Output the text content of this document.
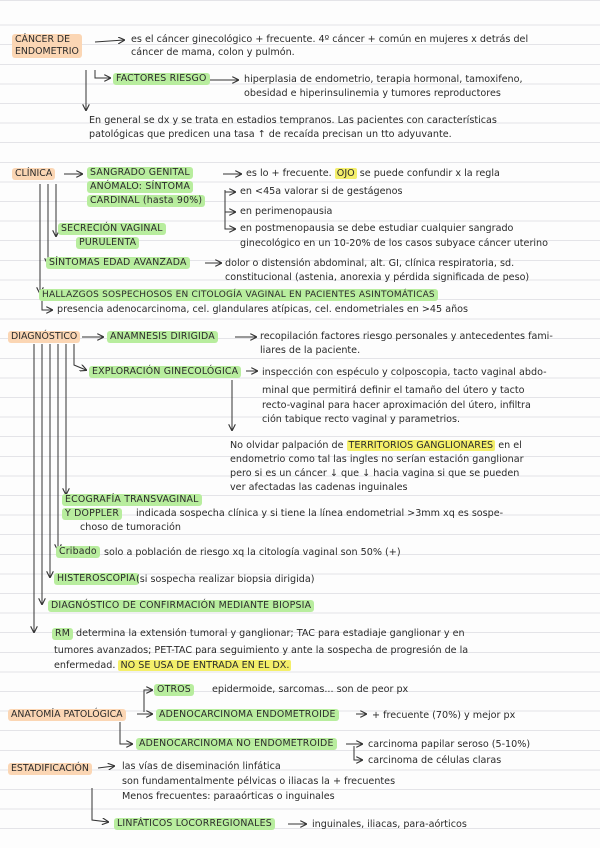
CÁNCER DE
ENDOMETRIO
es el cáncer ginecológico + frecuente. 4º cáncer + común en mujeres x detrás del
cáncer de mama, colon y pulmón.
FACTORES RIESGO	hiperplasia de endometrio, terapia hormonal, tamoxifeno,
obesidad e hiperinsulinemia y tumores reproductores
En general se dx y se trata en estadios tempranos. Las pacientes con características
patológicas que predicen una tasa ↑ de recaída precisan un tto adyuvante.
CLÍNICA	SANGRADO GENITAL
ANÓMALO: SÍNTOMA
CARDINAL (hasta 90%)
es lo + frecuente. OJO se puede confundir x la regla
en <45a valorar si de gestágenos
en perimenopausia
en postmenopausia se debe estudiar cualquier sangrado
ginecológico en un 10-20% de los casos subyace cáncer uterino
SECRECIÓN VAGINAL
PURULENTA
SÍNTOMAS EDAD AVANZADA	dolor o distensión abdominal, alt. GI, clínica respiratoria, sd.
constitucional (astenia, anorexia y pérdida significada de peso)
HALLAZGOS SOSPECHOSOS EN CITOLOGÍA VAGINAL EN PACIENTES ASINTOMÁTICAS
presencia adenocarcinoma, cel. glandulares atípicas, cel. endometriales en >45 años
DIAGNÓSTICO	ANAMNESIS DIRIGIDA	recopilación factores riesgo personales y antecedentes fami-
liares de la paciente.
EXPLORACIÓN GINECOLÓGICA	inspección con espéculo y colposcopia, tacto vaginal abdo-
minal que permitirá definir el tamaño del útero y tacto
recto-vaginal para hacer aproximación del útero, infiltra
ción tabique recto vaginal y parametrios.
No olvidar palpación de TERRITORIOS GANGLIONARES en el
endometrio como tal las ingles no serían estación ganglionar
pero si es un cáncer ↓ que ↓ hacia vagina si que se pueden
ver afectadas las cadenas inguinales
ECOGRAFÍA TRANSVAGINAL
Y DOPPLER	indicada sospecha clínica y si tiene la línea endometrial >3mm xq es sospe-
choso de tumoración
Cribado solo a población de riesgo xq la citología vaginal son 50% (+)
HISTEROSCOPIA (si sospecha realizar biopsia dirigida)
DIAGNÓSTICO DE CONFIRMACIÓN MEDIANTE BIOPSIA
RM determina la extensión tumoral y ganglionar; TAC para estadiaje ganglionar y en
tumores avanzados; PET-TAC para seguimiento y ante la sospecha de progresión de la
enfermedad. NO SE USA DE ENTRADA EN EL DX.
ANATOMÍA PATOLÓGICA
OTROS	epidermoide, sarcomas... son de peor px
ADENOCARCINOMA ENDOMETROIDE	+ frecuente (70%) y mejor px
ADENOCARCINOMA NO ENDOMETROIDE	carcinoma papilar seroso (5-10%)
carcinoma de células claras
ESTADIFICACIÓN	las vías de diseminación linfática
son fundamentalmente pélvicas o iliacas la + frecuentes
Menos frecuentes: paraaórticas o inguinales
LINFÁTICOS LOCORREGIONALES	inguinales, iliacas, para-aórticos
